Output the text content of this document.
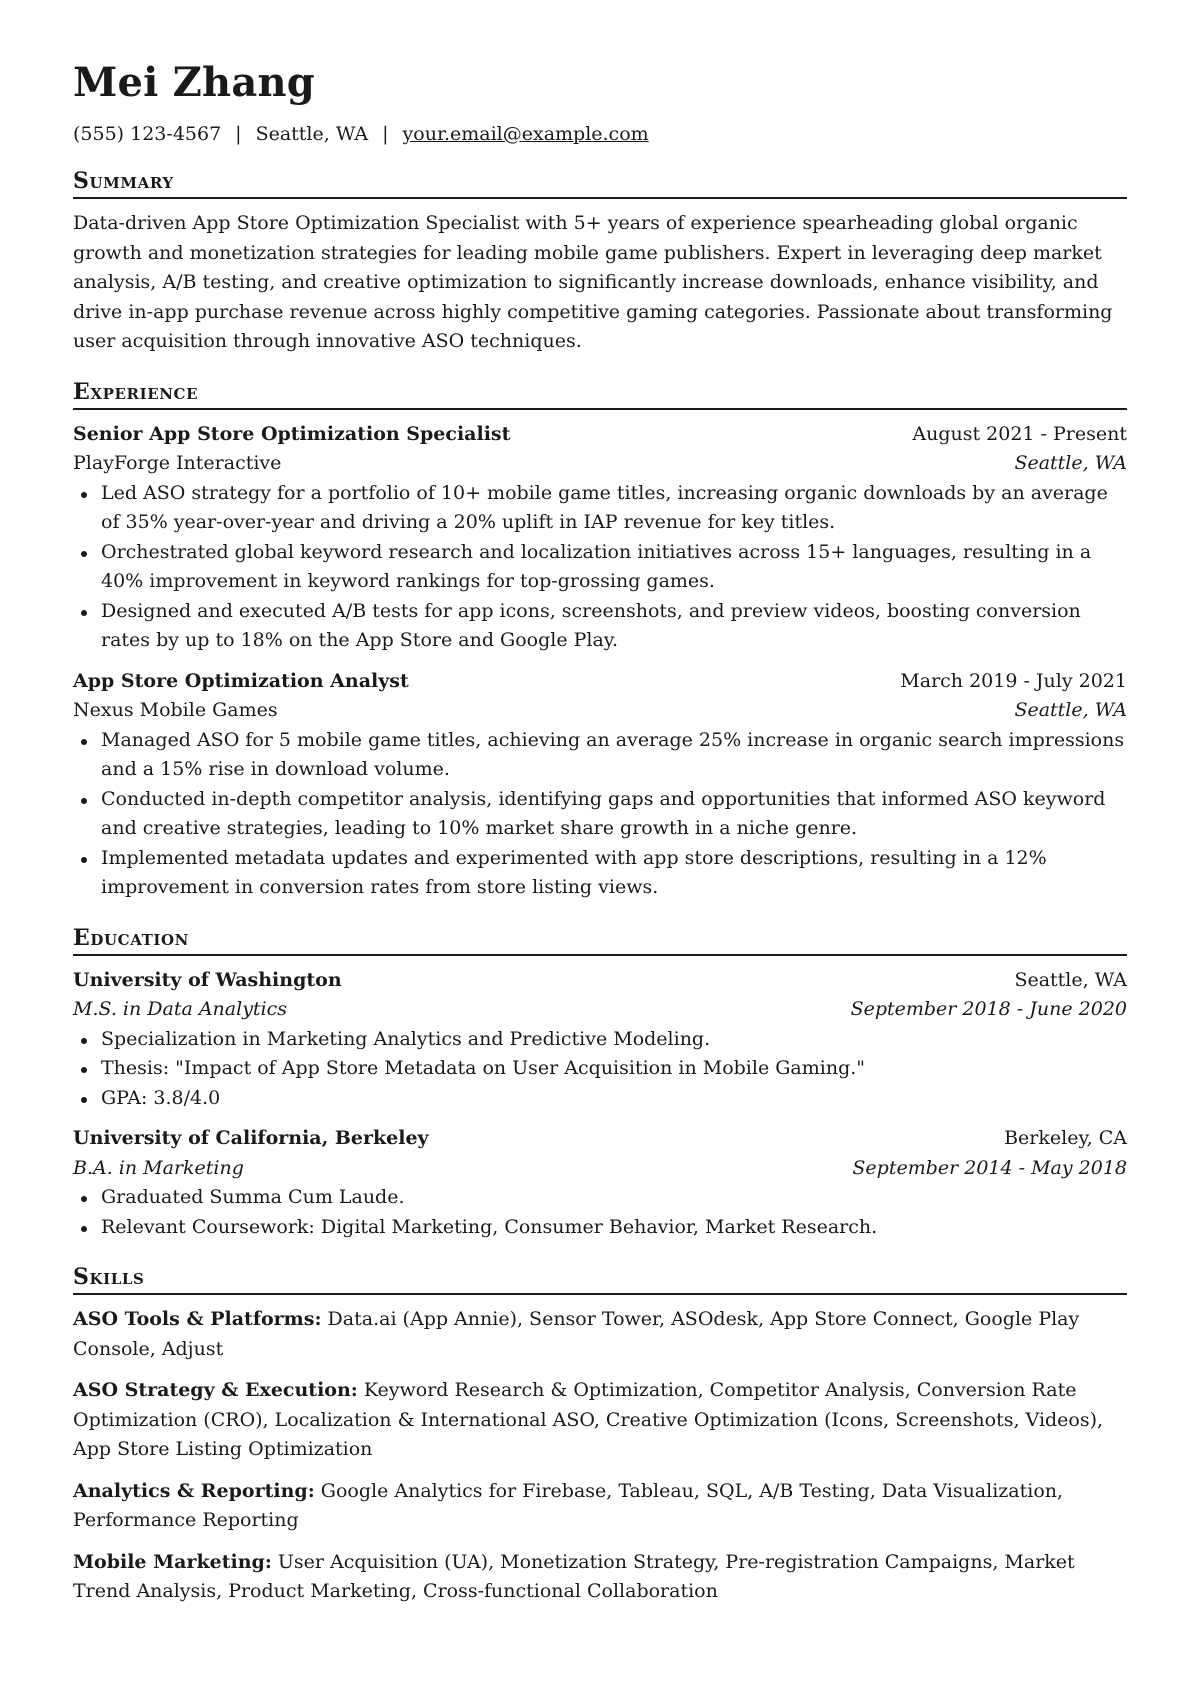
Mei Zhang
(555) 123-4567 | Seattle, WA | your.email@example.com
Summary

Data-driven App Store Optimization Specialist with 5+ years of experience spearheading global organic growth and monetization strategies for leading mobile game publishers. Expert in leveraging deep market analysis, A/B testing, and creative optimization to significantly increase downloads, enhance visibility, and drive in-app purchase revenue across highly competitive gaming categories. Passionate about transforming user acquisition through innovative ASO techniques.

Experience
Senior App Store Optimization Specialist	August 2021 - Present
PlayForge Interactive	Seattle, WA
Led ASO strategy for a portfolio of 10+ mobile game titles, increasing organic downloads by an average of 35% year-over-year and driving a 20% uplift in IAP revenue for key titles.
Orchestrated global keyword research and localization initiatives across 15+ languages, resulting in a 40% improvement in keyword rankings for top-grossing games.
Designed and executed A/B tests for app icons, screenshots, and preview videos, boosting conversion rates by up to 18% on the App Store and Google Play.
App Store Optimization Analyst	March 2019 - July 2021
Nexus Mobile Games	Seattle, WA
Managed ASO for 5 mobile game titles, achieving an average 25% increase in organic search impressions and a 15% rise in download volume.
Conducted in-depth competitor analysis, identifying gaps and opportunities that informed ASO keyword and creative strategies, leading to 10% market share growth in a niche genre.
Implemented metadata updates and experimented with app store descriptions, resulting in a 12% improvement in conversion rates from store listing views.
Education
University of Washington	Seattle, WA
M.S. in Data Analytics	September 2018 - June 2020
Specialization in Marketing Analytics and Predictive Modeling.
Thesis: "Impact of App Store Metadata on User Acquisition in Mobile Gaming."
GPA: 3.8/4.0
University of California, Berkeley	Berkeley, CA
B.A. in Marketing	September 2014 - May 2018
Graduated Summa Cum Laude.
Relevant Coursework: Digital Marketing, Consumer Behavior, Market Research.
Skills

ASO Tools & Platforms: Data.ai (App Annie), Sensor Tower, ASOdesk, App Store Connect, Google Play Console, Adjust

ASO Strategy & Execution: Keyword Research & Optimization, Competitor Analysis, Conversion Rate Optimization (CRO), Localization & International ASO, Creative Optimization (Icons, Screenshots, Videos), App Store Listing Optimization

Analytics & Reporting: Google Analytics for Firebase, Tableau, SQL, A/B Testing, Data Visualization, Performance Reporting

Mobile Marketing: User Acquisition (UA), Monetization Strategy, Pre-registration Campaigns, Market Trend Analysis, Product Marketing, Cross-functional Collaboration
